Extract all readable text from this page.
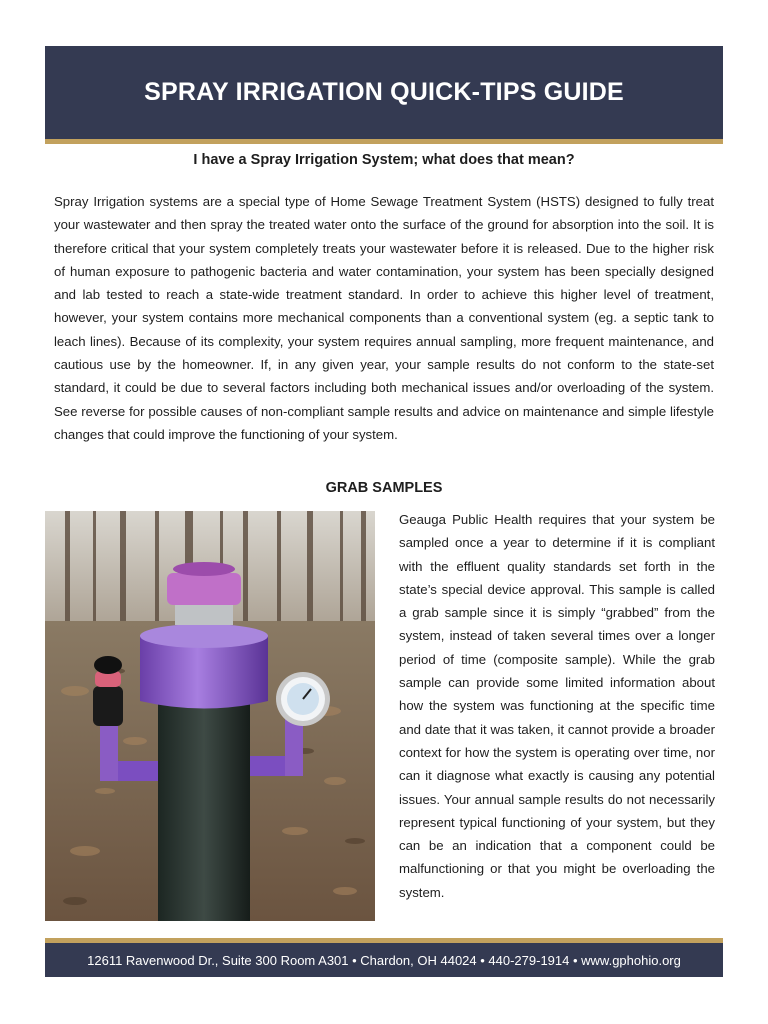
SPRAY IRRIGATION QUICK-TIPS GUIDE
I have a Spray Irrigation System; what does that mean?

Spray Irrigation systems are a special type of Home Sewage Treatment System (HSTS) designed to fully treat your wastewater and then spray the treated water onto the surface of the ground for absorption into the soil. It is therefore critical that your system completely treats your wastewater before it is released. Due to the higher risk of human exposure to pathogenic bacteria and water contamination, your system has been specially designed and lab tested to reach a state-wide treatment standard. In order to achieve this higher level of treatment, however, your system contains more mechanical components than a conventional system (eg. a septic tank to leach lines). Because of its complexity, your system requires annual sampling, more frequent maintenance, and cautious use by the homeowner. If, in any given year, your sample results do not conform to the state-set standard, it could be due to several factors including both mechanical issues and/or overloading of the system. See reverse for possible causes of non-compliant sample results and advice on maintenance and simple lifestyle changes that could improve the functioning of your system.

GRAB SAMPLES

Geauga Public Health requires that your system be sampled once a year to determine if it is compliant with the effluent quality standards set forth in the state’s special device approval. This sample is called a grab sample since it is simply “grabbed” from the system, instead of taken several times over a longer period of time (composite sample). While the grab sample can provide some limited information about how the system was functioning at the specific time and date that it was taken, it cannot provide a broader context for how the system is operating over time, nor can it diagnose what exactly is causing any potential issues. Your annual sample results do not necessarily represent typical functioning of your system, but they can be an indication that a component could be malfunctioning or that you might be overloading the system.

12611 Ravenwood Dr., Suite 300 Room A301 • Chardon, OH 44024 • 440-279-1914 • www.gphohio.org
